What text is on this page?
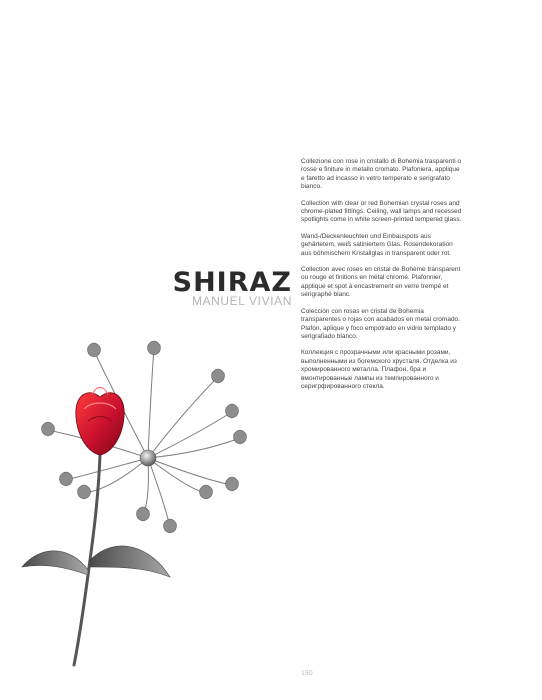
SHIRAZ
MANUEL VIVIAN

Collezione con rose in cristallo di Bohemia trasparenti o rosse e finiture in metallo cromato. Plafoniera, applique e faretto ad incasso in vetro temperato e serigrafato bianco.

Collection with clear or red Bohemian crystal roses and chrome-plated fittings. Ceiling, wall lamps and recessed spotlights come in white screen-printed tempered glass.

Wand-/Deckenleuchten und Einbauspots aus gehärtetem, weiß satiniertem Glas. Rosendekoration aus böhmischem Kristallglas in transparent oder rot.

Collection avec roses en cristal de Bohème transparent ou rouge et finitions en métal chromé. Plafonnier, applique et spot à encastrement en verre trempé et sérigraphé blanc.

Colección con rosas en cristal de Bohemia transparentes o rojas con acabados en metal cromado. Plafón, aplique y foco empotrado en vidrio templado y serigrafiado blanco.

Коллекция с прозрачными или красными розами, выполненными из богемского хрусталя. Отделка из хромированного металла. Плафон, бра и вмонтированные лампы из темпированного и серигрфированного стекла.

190
